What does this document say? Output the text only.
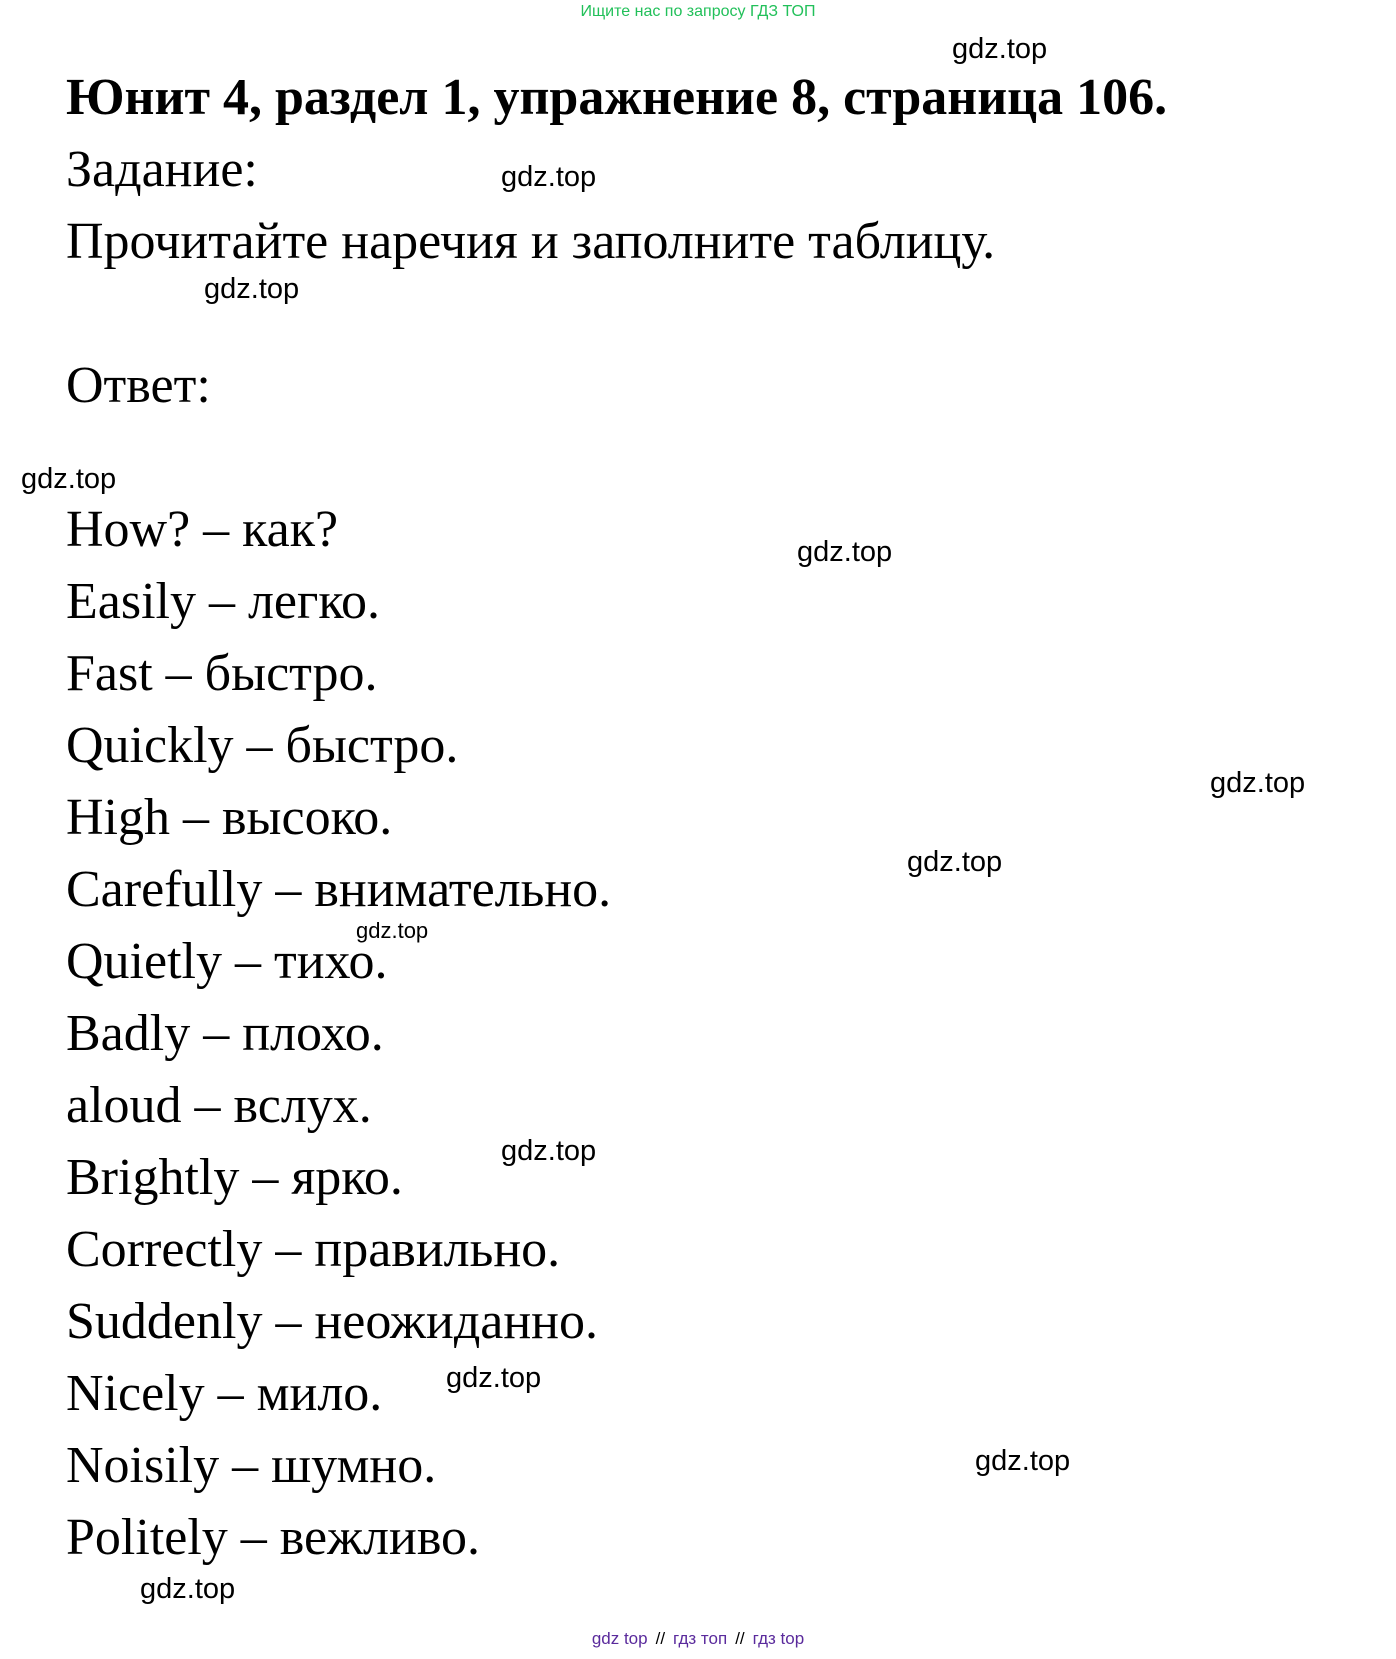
Ищите нас по запросу ГДЗ ТОП
Юнит 4, раздел 1, упражнение 8, страница 106.
Задание:
Прочитайте наречия и заполните таблицу.
Ответ:
How? – как?
Easily – легко.
Fast – быстро.
Quickly – быстро.
High – высоко.
Carefully – внимательно.
Quietly – тихо.
Badly – плохо.
aloud – вслух.
Brightly – ярко.
Correctly – правильно.
Suddenly – неожиданно.
Nicely – мило.
Noisily – шумно.
Politely – вежливо.
gdz.top
gdz.top
gdz.top
gdz.top
gdz.top
gdz.top
gdz.top
gdz.top
gdz.top
gdz.top
gdz.top
gdz.top
gdz top // гдз топ // гдз top
